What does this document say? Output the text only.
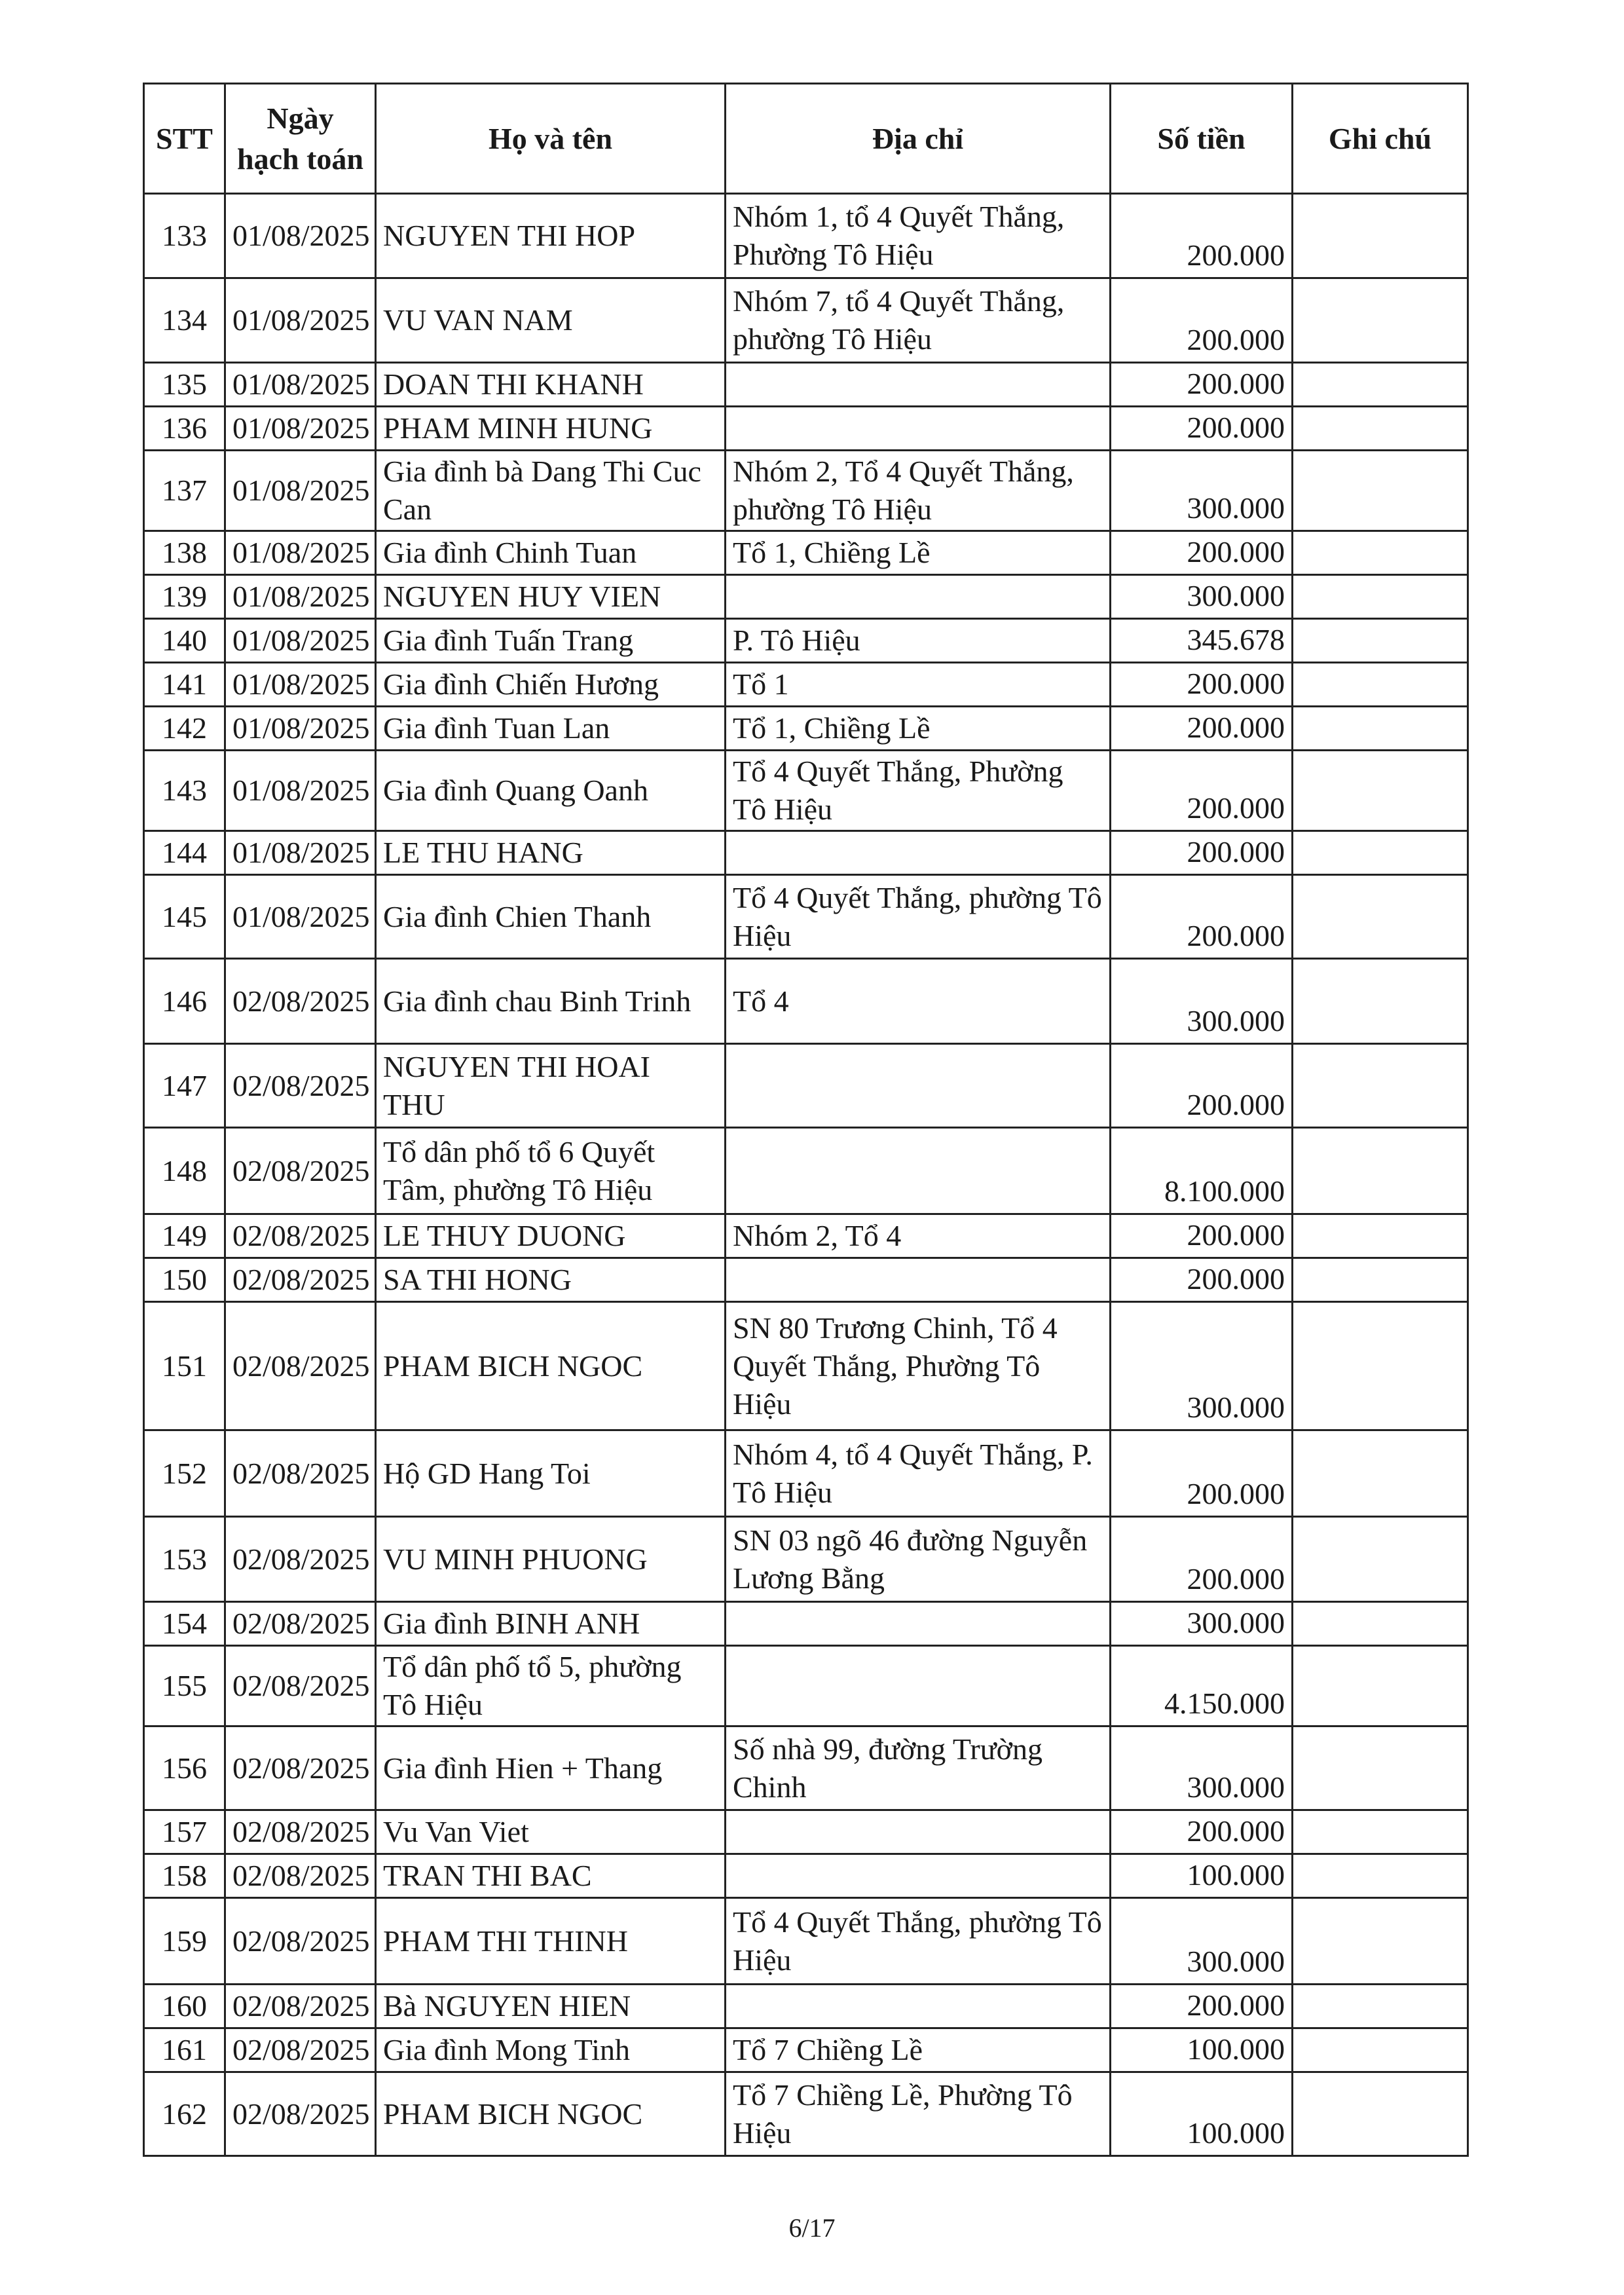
STT	Ngày hạch toán	Họ và tên	Địa chỉ	Số tiền	Ghi chú
133	01/08/2025	NGUYEN THI HOP	Nhóm 1, tổ 4 Quyết Thắng, Phường Tô Hiệu	200.000	
134	01/08/2025	VU VAN NAM	Nhóm 7, tổ 4 Quyết Thắng, phường Tô Hiệu	200.000	
135	01/08/2025	DOAN THI KHANH		200.000	
136	01/08/2025	PHAM MINH HUNG		200.000	
137	01/08/2025	Gia đình bà Dang Thi Cuc Can	Nhóm 2, Tổ 4 Quyết Thắng, phường Tô Hiệu	300.000	
138	01/08/2025	Gia đình Chinh Tuan	Tổ 1, Chiềng Lề	200.000	
139	01/08/2025	NGUYEN HUY VIEN		300.000	
140	01/08/2025	Gia đình Tuấn Trang	P. Tô Hiệu	345.678	
141	01/08/2025	Gia đình Chiến Hương	Tổ 1	200.000	
142	01/08/2025	Gia đình Tuan Lan	Tổ 1, Chiềng Lề	200.000	
143	01/08/2025	Gia đình Quang Oanh	Tổ 4 Quyết Thắng, Phường Tô Hiệu	200.000	
144	01/08/2025	LE THU HANG		200.000	
145	01/08/2025	Gia đình Chien Thanh	Tổ 4 Quyết Thắng, phường Tô Hiệu	200.000	
146	02/08/2025	Gia đình chau Binh Trinh	Tổ 4	300.000	
147	02/08/2025	NGUYEN THI HOAI THU		200.000	
148	02/08/2025	Tổ dân phố tổ 6 Quyết Tâm, phường Tô Hiệu		8.100.000	
149	02/08/2025	LE THUY DUONG	Nhóm 2, Tổ 4	200.000	
150	02/08/2025	SA THI HONG		200.000	
151	02/08/2025	PHAM BICH NGOC	SN 80 Trương Chinh, Tổ 4 Quyết Thắng, Phường Tô Hiệu	300.000	
152	02/08/2025	Hộ GD Hang Toi	Nhóm 4, tổ 4 Quyết Thắng, P. Tô Hiệu	200.000	
153	02/08/2025	VU MINH PHUONG	SN 03 ngõ 46 đường Nguyễn Lương Bằng	200.000	
154	02/08/2025	Gia đình BINH ANH		300.000	
155	02/08/2025	Tổ dân phố tổ 5, phường Tô Hiệu		4.150.000	
156	02/08/2025	Gia đình Hien + Thang	Số nhà 99, đường Trường Chinh	300.000	
157	02/08/2025	Vu Van Viet		200.000	
158	02/08/2025	TRAN THI BAC		100.000	
159	02/08/2025	PHAM THI THINH	Tổ 4 Quyết Thắng, phường Tô Hiệu	300.000	
160	02/08/2025	Bà NGUYEN HIEN		200.000	
161	02/08/2025	Gia đình Mong Tinh	Tổ 7 Chiềng Lề	100.000	
162	02/08/2025	PHAM BICH NGOC	Tổ 7 Chiềng Lề, Phường Tô Hiệu	100.000	
6/17
